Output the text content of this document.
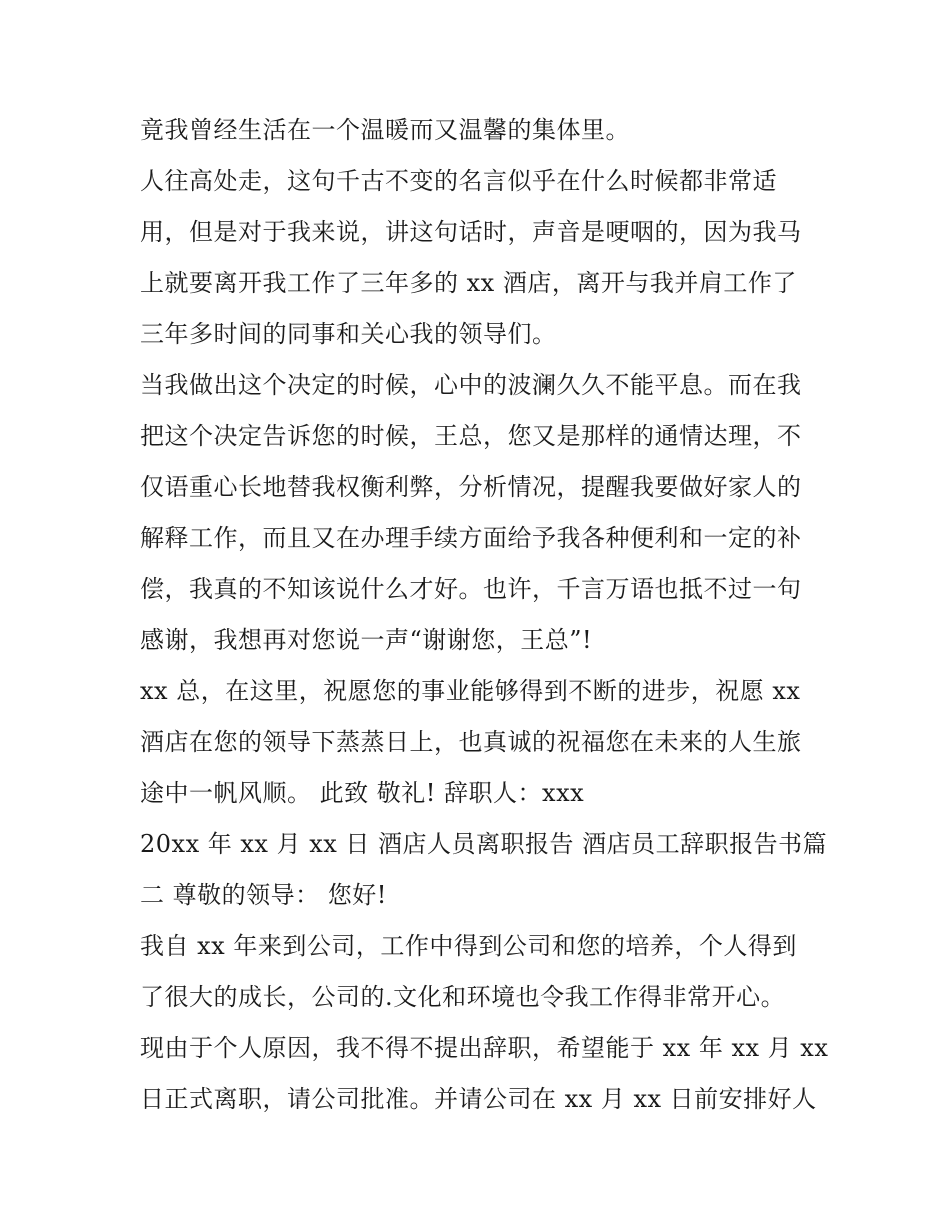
竟我曾经生活在一个温暖而又温馨的集体里。

人往高处走，这句千古不变的名言似乎在什么时候都非常适

用，但是对于我来说，讲这句话时，声音是哽咽的，因为我马

上就要离开我工作了三年多的 xx 酒店，离开与我并肩工作了

三年多时间的同事和关心我的领导们。

当我做出这个决定的时候，心中的波澜久久不能平息。而在我

把这个决定告诉您的时候，王总，您又是那样的通情达理，不

仅语重心长地替我权衡利弊，分析情况，提醒我要做好家人的

解释工作，而且又在办理手续方面给予我各种便利和一定的补

偿，我真的不知该说什么才好。也许，千言万语也抵不过一句

感谢，我想再对您说一声“谢谢您，王总”!

xx 总，在这里，祝愿您的事业能够得到不断的进步，祝愿 xx

酒店在您的领导下蒸蒸日上，也真诚的祝福您在未来的人生旅

途中一帆风顺。 此致 敬礼! 辞职人：xxx

20xx 年 xx 月 xx 日 酒店人员离职报告 酒店员工辞职报告书篇

二 尊敬的领导： 您好!

我自 xx 年来到公司，工作中得到公司和您的培养，个人得到

了很大的成长，公司的.文化和环境也令我工作得非常开心。

现由于个人原因，我不得不提出辞职，希望能于 xx 年 xx 月 xx

日正式离职，请公司批准。并请公司在 xx 月 xx 日前安排好人
